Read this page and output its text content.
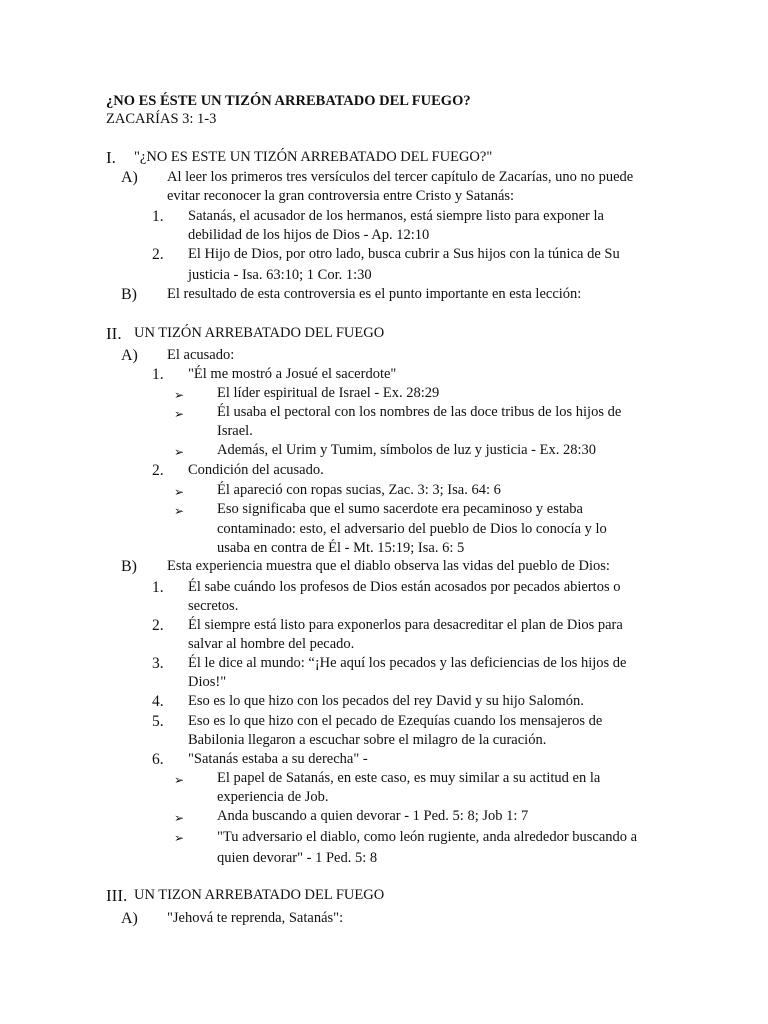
¿NO ES ÉSTE UN TIZÓN ARREBATADO DEL FUEGO?
ZACARÍAS 3: 1-3
I.	"¿NO ES ESTE UN TIZÓN ARREBATADO DEL FUEGO?"
A)	Al leer los primeros tres versículos del tercer capítulo de Zacarías, uno no puede evitar reconocer la gran controversia entre Cristo y Satanás:
1.	Satanás, el acusador de los hermanos, está siempre listo para exponer la debilidad de los hijos de Dios - Ap. 12:10
2.	El Hijo de Dios, por otro lado, busca cubrir a Sus hijos con la túnica de Su justicia - Isa. 63:10; 1 Cor. 1:30
B)	El resultado de esta controversia es el punto importante en esta lección:
II. UN TIZÓN ARREBATADO DEL FUEGO
A)	El acusado:
1.	"Él me mostró a Josué el sacerdote"
➢	El líder espiritual de Israel - Ex. 28:29
➢	Él usaba el pectoral con los nombres de las doce tribus de los hijos de Israel.
➢	Además, el Urim y Tumim, símbolos de luz y justicia - Ex. 28:30
2.	Condición del acusado.
➢	Él apareció con ropas sucias, Zac. 3: 3; Isa. 64: 6
➢	Eso significaba que el sumo sacerdote era pecaminoso y estaba contaminado: esto, el adversario del pueblo de Dios lo conocía y lo usaba en contra de Él - Mt. 15:19; Isa. 6: 5
B)	Esta experiencia muestra que el diablo observa las vidas del pueblo de Dios:
1.	Él sabe cuándo los profesos de Dios están acosados por pecados abiertos o secretos.
2.	Él siempre está listo para exponerlos para desacreditar el plan de Dios para salvar al hombre del pecado.
3.	Él le dice al mundo: “¡He aquí los pecados y las deficiencias de los hijos de Dios!"
4.	Eso es lo que hizo con los pecados del rey David y su hijo Salomón.
5.	Eso es lo que hizo con el pecado de Ezequías cuando los mensajeros de Babilonia llegaron a escuchar sobre el milagro de la curación.
6.	"Satanás estaba a su derecha" -
➢	El papel de Satanás, en este caso, es muy similar a su actitud en la experiencia de Job.
➢	Anda buscando a quien devorar - 1 Ped. 5: 8; Job 1: 7
➢	"Tu adversario el diablo, como león rugiente, anda alrededor buscando a quien devorar" - 1 Ped. 5: 8
III. UN TIZON ARREBATADO DEL FUEGO
A)	"Jehová te reprenda, Satanás":
